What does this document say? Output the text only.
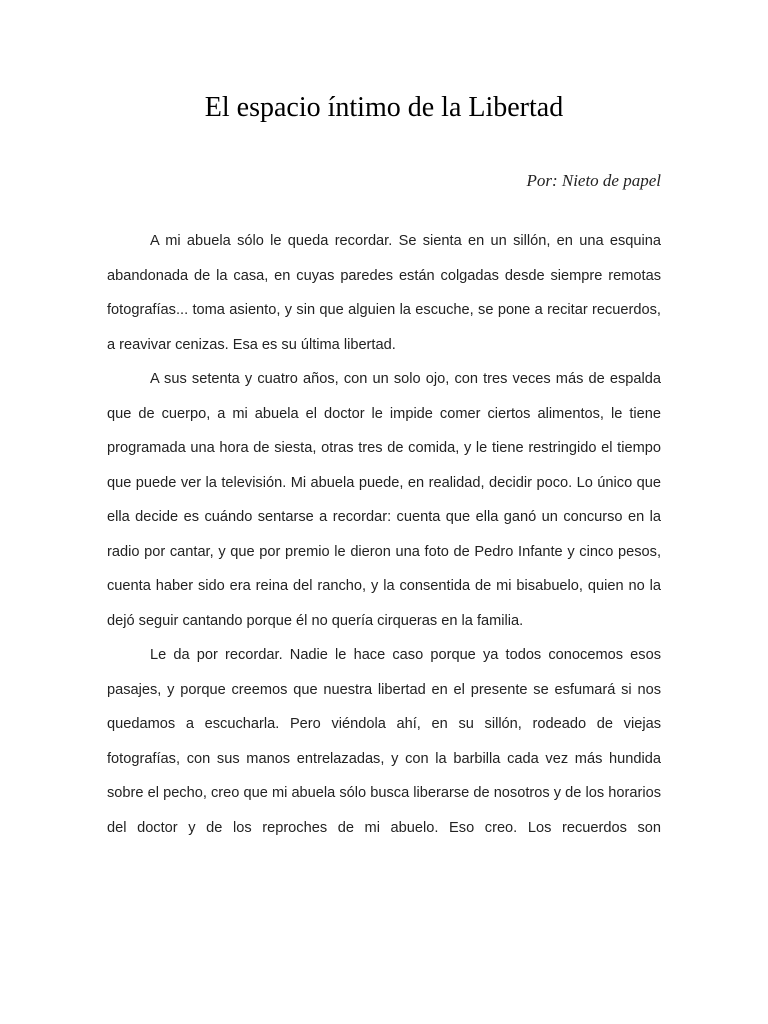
El espacio íntimo de la Libertad

Por: Nieto de papel

A mi abuela sólo le queda recordar. Se sienta en un sillón, en una esquina abandonada de la casa, en cuyas paredes están colgadas desde siempre remotas fotografías... toma asiento, y sin que alguien la escuche, se pone a recitar recuerdos, a reavivar cenizas. Esa es su última libertad.

A sus setenta y cuatro años, con un solo ojo, con tres veces más de espalda que de cuerpo, a mi abuela el doctor le impide comer ciertos alimentos, le tiene programada una hora de siesta, otras tres de comida, y le tiene restringido el tiempo que puede ver la televisión. Mi abuela puede, en realidad, decidir poco. Lo único que ella decide es cuándo sentarse a recordar: cuenta que ella ganó un concurso en la radio por cantar, y que por premio le dieron una foto de Pedro Infante y cinco pesos, cuenta haber sido era reina del rancho, y la consentida de mi bisabuelo, quien no la dejó seguir cantando porque él no quería cirqueras en la familia.

Le da por recordar. Nadie le hace caso porque ya todos conocemos esos pasajes, y porque creemos que nuestra libertad en el presente se esfumará si nos quedamos a escucharla. Pero viéndola ahí, en su sillón, rodeado de viejas fotografías, con sus manos entrelazadas, y con la barbilla cada vez más hundida sobre el pecho, creo que mi abuela sólo busca liberarse de nosotros y de los horarios del doctor y de los reproches de mi abuelo. Eso creo. Los recuerdos son
